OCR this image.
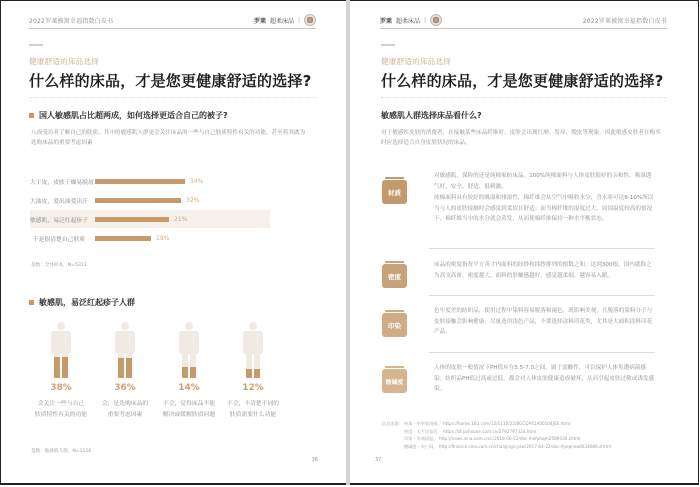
2022罗莱被窝幸福指数白皮书	罗莱 超柔床品 |
健康舒适的床品选择
什么样的床品，才是您更健康舒适的选择?
国人敏感肌占比超两成，如何选择更适合自己的被子?
八成受访者了解自己的肤质，其中的敏感肌人群更会关注床品的一些与自己肤质特性有关的功能，甚至将其做为选购床品的重要考虑因素
大干皮，皮肤干燥易脱屑	34%
大油皮，爱出油爱出汗	32%
敏感肌，易泛红起疹子	21%
不是很清楚自己肤质	19%
基数：全体样本，N=5313
敏感肌，易泛红起疹子人群
38%
会关注一些与自己
肤质特性有关的功能
36%
会，是选购床品的
重要考虑因素
14%
不会，觉得床品不能
解决或缓解肤质问题
12%
不会，不清楚不同的
肤质需要什么功能
基数：敏感肌人群，N=1116
36
罗莱 超柔床品 |	2022罗莱被窝幸福指数白皮书
健康舒适的床品选择
什么样的床品，才是您更健康舒适的选择?
敏感肌人群选择床品看什么?
对于敏感性皮肤的消费者，在接触某些床品纤维时，皮肤会出现红肿、发痒、脱皮等现象，因此敏感皮肤者在购买时应选择适合自身皮肤状况的床品。
材质

对敏感肌，保险的还是纯棉家纺床品。100%纯棉面料与人体皮肤很好的亲和性、吸湿透气好、安全、舒适、低刺激。

纯棉面料具有较好的吸湿和排湿性，棉纤维会从空气中吸收水分，含水率可达8-10%所以当与人的皮肤接触时会感觉到柔软且舒适；而当棉纤维的湿度过大、周围温度较高的情况下，棉纤维当中的水分就会蒸发，从而使棉纤维保持一种水平衡状态。

密度

床品的密度指每平方英寸内面料的经纱和纬纱排列的根数之和，达到300根，国内就称之为高支高密。密度越大，面料的肤触感越好，感觉越柔细，越容易入眠。

印染

色牢度差的纺织品，使用过程中染料容易脱落和褪色，既影响美观，且脱落的染料分子与皮肤接触会影响健康，尽量选用浅色产品，不要选择涂料印花类，尤其是大面积涂料印花产品。

酸碱度

人体的皮肤一般情况下PH值应在5.5-7.0之间，属于弱酸性，可以保护人体免遭病菌感染。纺织品PH值过高或过低，都会对人体皮肤健康造成破坏，从而引起皮肤过敏或诱发感染。

信息来源：材质 - 中华家纺网， https://home.163.com/12/1115/22/8GCQP41A00104JSE.html
密度 - 太平洋家居， https://zt.pchouse.com.cn/2792797324.html
印染 - 华商晨报， http://news.sina.com.cn/c/2018-06-22/doc-ihefphqm2586030.shtml
酸碱度 - 央广网， http://finance.sina.com.cn/chanjing/cyxw/2017-04-22/doc-ifyepnea6634086.shtml
37
